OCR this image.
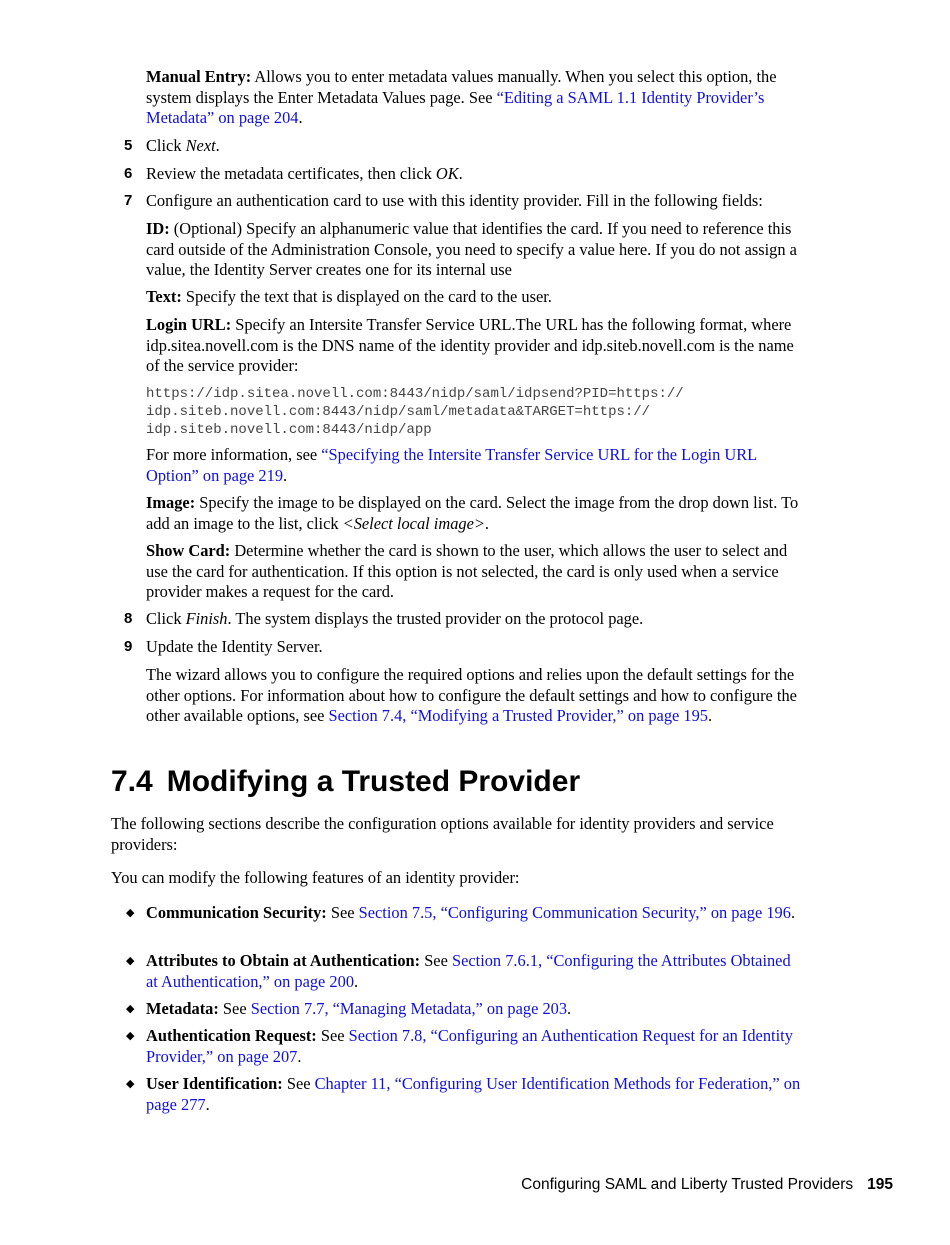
Manual Entry: Allows you to enter metadata values manually. When you select this option, the system displays the Enter Metadata Values page. See “Editing a SAML 1.1 Identity Provider’s Metadata” on page 204.

5 Click Next.

6 Review the metadata certificates, then click OK.

7 Configure an authentication card to use with this identity provider. Fill in the following fields:

ID: (Optional) Specify an alphanumeric value that identifies the card. If you need to reference this card outside of the Administration Console, you need to specify a value here. If you do not assign a value, the Identity Server creates one for its internal use

Text: Specify the text that is displayed on the card to the user.

Login URL: Specify an Intersite Transfer Service URL.The URL has the following format, where idp.sitea.novell.com is the DNS name of the identity provider and idp.siteb.novell.com is the name of the service provider:

https://idp.sitea.novell.com:8443/nidp/saml/idpsend?PID=https://
idp.siteb.novell.com:8443/nidp/saml/metadata&TARGET=https://
idp.siteb.novell.com:8443/nidp/app

For more information, see “Specifying the Intersite Transfer Service URL for the Login URL Option” on page 219.

Image: Specify the image to be displayed on the card. Select the image from the drop down list. To add an image to the list, click <Select local image>.

Show Card: Determine whether the card is shown to the user, which allows the user to select and use the card for authentication. If this option is not selected, the card is only used when a service provider makes a request for the card.

8 Click Finish. The system displays the trusted provider on the protocol page.

9 Update the Identity Server.

The wizard allows you to configure the required options and relies upon the default settings for the other options. For information about how to configure the default settings and how to configure the other available options, see Section 7.4, “Modifying a Trusted Provider,” on page 195.

7.4 Modifying a Trusted Provider

The following sections describe the configuration options available for identity providers and service providers:

You can modify the following features of an identity provider:

◆ Communication Security: See Section 7.5, “Configuring Communication Security,” on page 196.

◆ Attributes to Obtain at Authentication: See Section 7.6.1, “Configuring the Attributes Obtained at Authentication,” on page 200.

◆ Metadata: See Section 7.7, “Managing Metadata,” on page 203.

◆ Authentication Request: See Section 7.8, “Configuring an Authentication Request for an Identity Provider,” on page 207.

◆ User Identification: See Chapter 11, “Configuring User Identification Methods for Federation,” on page 277.

Configuring SAML and Liberty Trusted Providers 195
